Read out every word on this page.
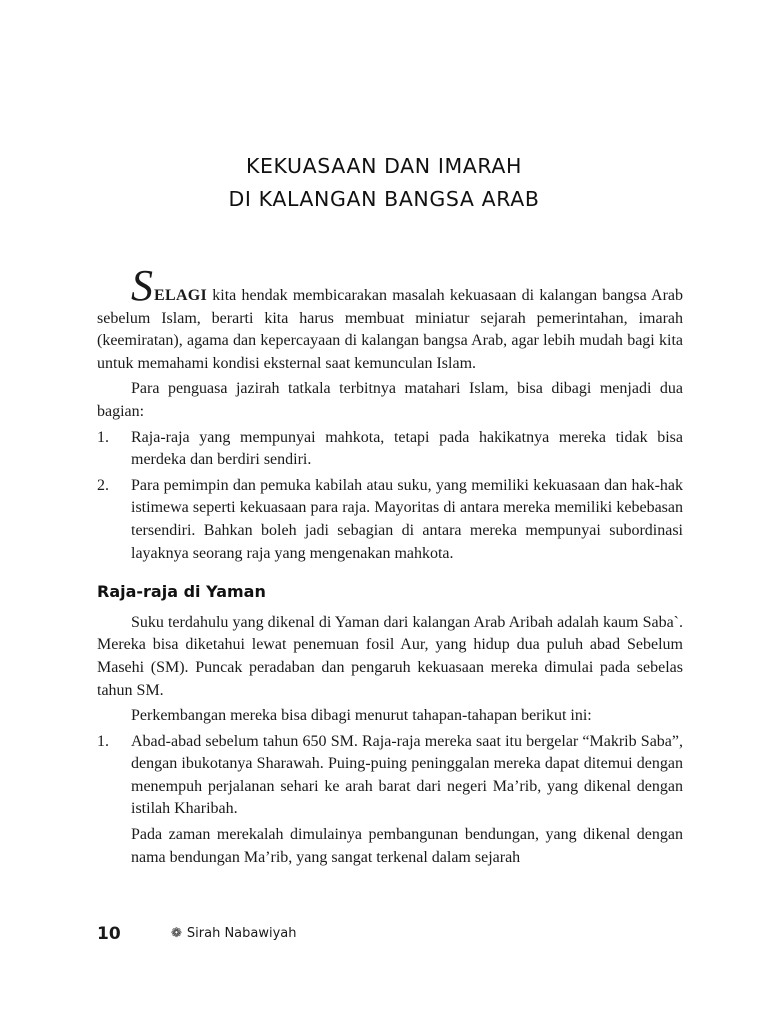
KEKUASAAN DAN IMARAH
DI KALANGAN BANGSA ARAB

SELAGI kita hendak membicarakan masalah kekuasaan di kalangan bangsa Arab sebelum Islam, berarti kita harus membuat miniatur sejarah pemerintahan, imarah (keemiratan), agama dan kepercayaan di kalangan bangsa Arab, agar lebih mudah bagi kita untuk memahami kondisi eksternal saat kemunculan Islam.

Para penguasa jazirah tatkala terbitnya matahari Islam, bisa dibagi menjadi dua bagian:

1. Raja-raja yang mempunyai mahkota, tetapi pada hakikatnya mereka tidak bisa merdeka dan berdiri sendiri.
2. Para pemimpin dan pemuka kabilah atau suku, yang memiliki kekuasaan dan hak-hak istimewa seperti kekuasaan para raja. Mayoritas di antara mereka memiliki kebebasan tersendiri. Bahkan boleh jadi sebagian di antara mereka mempunyai subordinasi layaknya seorang raja yang mengenakan mahkota.
Raja-raja di Yaman

Suku terdahulu yang dikenal di Yaman dari kalangan Arab Aribah adalah kaum Saba`. Mereka bisa diketahui lewat penemuan fosil Aur, yang hidup dua puluh abad Sebelum Masehi (SM). Puncak peradaban dan pengaruh kekuasaan mereka dimulai pada sebelas tahun SM.

Perkembangan mereka bisa dibagi menurut tahapan-tahapan berikut ini:

1. Abad-abad sebelum tahun 650 SM. Raja-raja mereka saat itu bergelar “Makrib Saba”, dengan ibukotanya Sharawah. Puing-puing peninggalan mereka dapat ditemui dengan menempuh perjalanan sehari ke arah barat dari negeri Ma’rib, yang dikenal dengan istilah Kharibah.
Pada zaman merekalah dimulainya pembangunan bendungan, yang dikenal dengan nama bendungan Ma’rib, yang sangat terkenal dalam sejarah
10	❁ Sirah Nabawiyah
